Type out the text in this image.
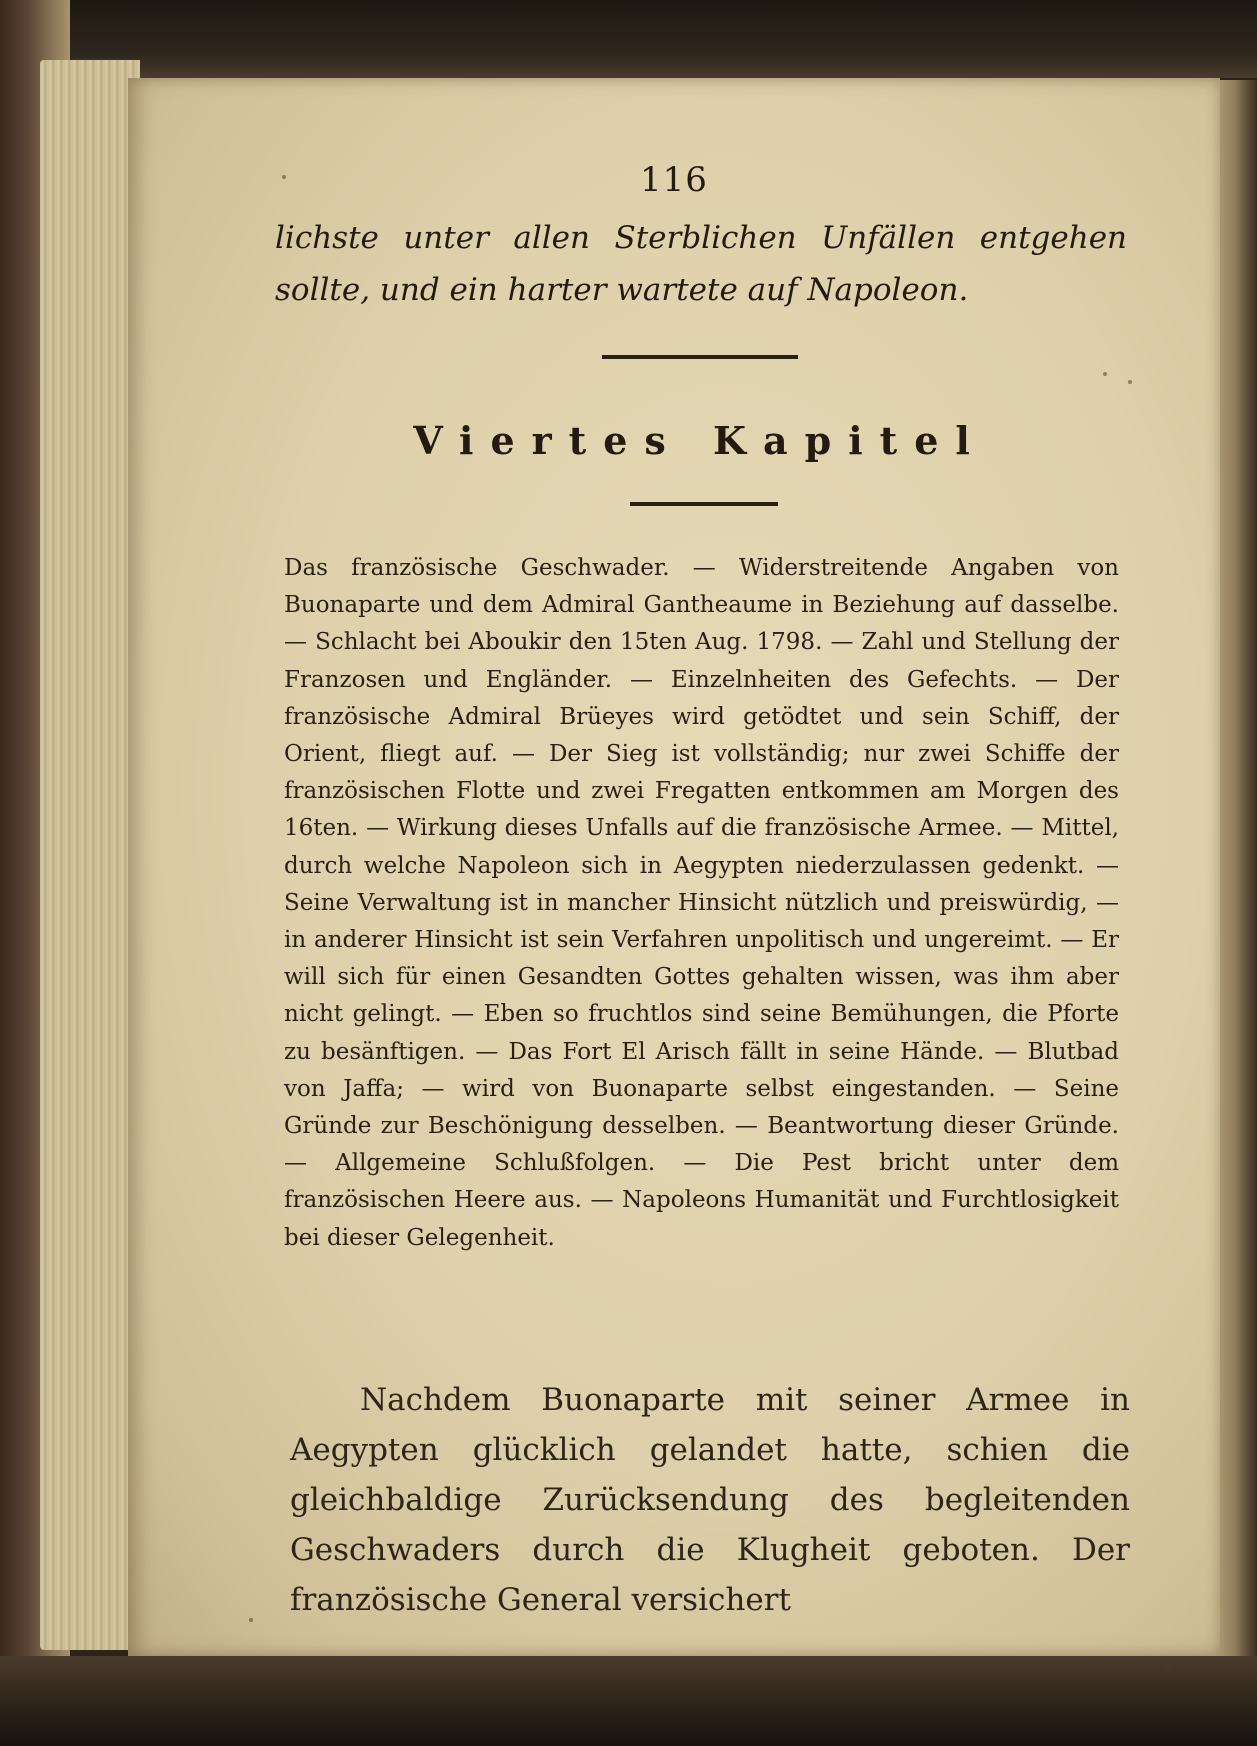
116
lichste unter allen Sterblichen Unfällen entgehen sollte, und ein harter wartete auf Napoleon.
Viertes Kapitel
Das französische Geschwader. — Widerstreitende Angaben von Buonaparte und dem Admiral Gantheaume in Beziehung auf dasselbe. — Schlacht bei Aboukir den 15ten Aug. 1798. — Zahl und Stellung der Franzosen und Engländer. — Einzelnheiten des Gefechts. — Der französische Admiral Brüeyes wird getödtet und sein Schiff, der Orient, fliegt auf. — Der Sieg ist vollständig; nur zwei Schiffe der französischen Flotte und zwei Fregatten entkommen am Morgen des 16ten. — Wirkung dieses Unfalls auf die französische Armee. — Mittel, durch welche Napoleon sich in Aegypten niederzulassen gedenkt. — Seine Verwaltung ist in mancher Hinsicht nützlich und preiswürdig, — in anderer Hinsicht ist sein Verfahren unpolitisch und ungereimt. — Er will sich für einen Gesandten Gottes gehalten wissen, was ihm aber nicht gelingt. — Eben so fruchtlos sind seine Bemühungen, die Pforte zu besänftigen. — Das Fort El Arisch fällt in seine Hände. — Blutbad von Jaffa; — wird von Buonaparte selbst eingestanden. — Seine Gründe zur Beschönigung desselben. — Beantwortung dieser Gründe. — Allgemeine Schlußfolgen. — Die Pest bricht unter dem französischen Heere aus. — Napoleons Humanität und Furchtlosigkeit bei dieser Gelegenheit.
Nachdem Buonaparte mit seiner Armee in Aegypten glücklich gelandet hatte, schien die gleichbaldige Zurücksendung des begleitenden Geschwaders durch die Klugheit geboten. Der französische General versichert
